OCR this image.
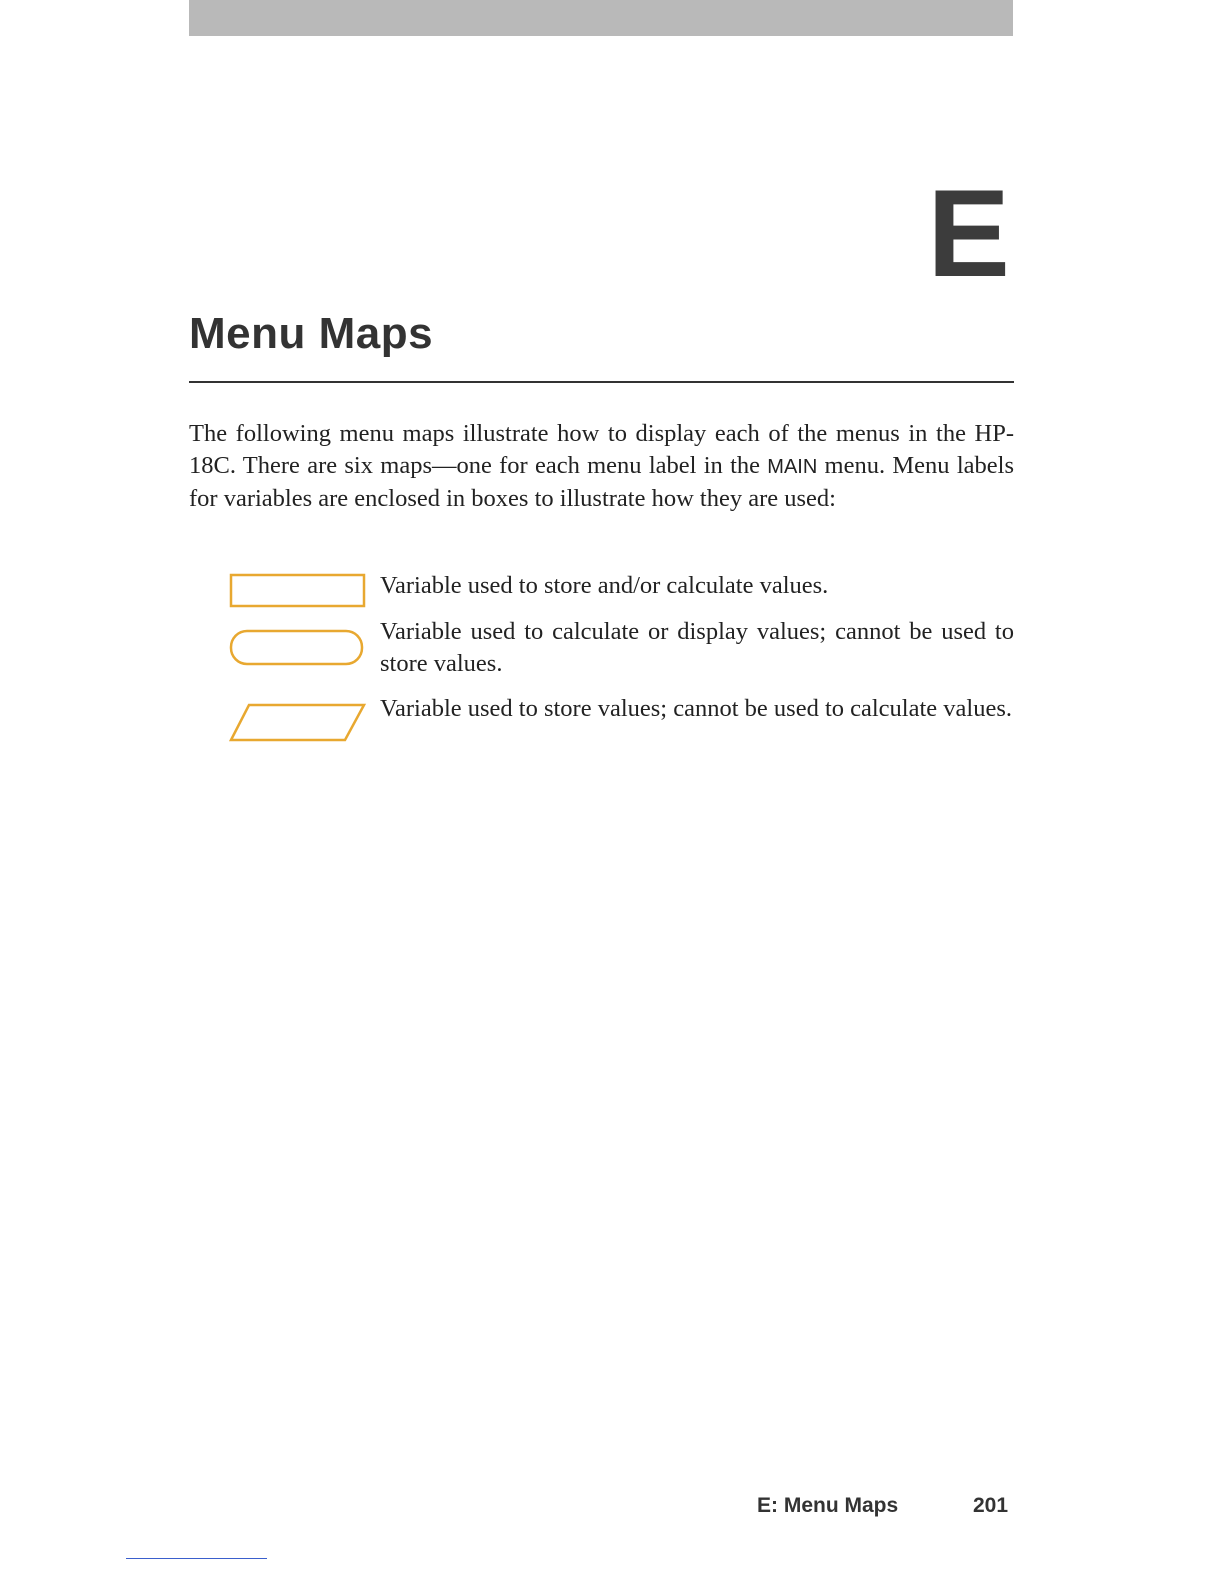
E
Menu Maps

The following menu maps illustrate how to display each of the menus in the HP-18C. There are six maps—one for each menu label in the MAIN menu. Menu labels for variables are enclosed in boxes to illustrate how they are used:

Variable used to store and/or calculate values.

Variable used to calculate or display values; cannot be used to store values.

Variable used to store values; cannot be used to calculate values.

E: Menu Maps	201
